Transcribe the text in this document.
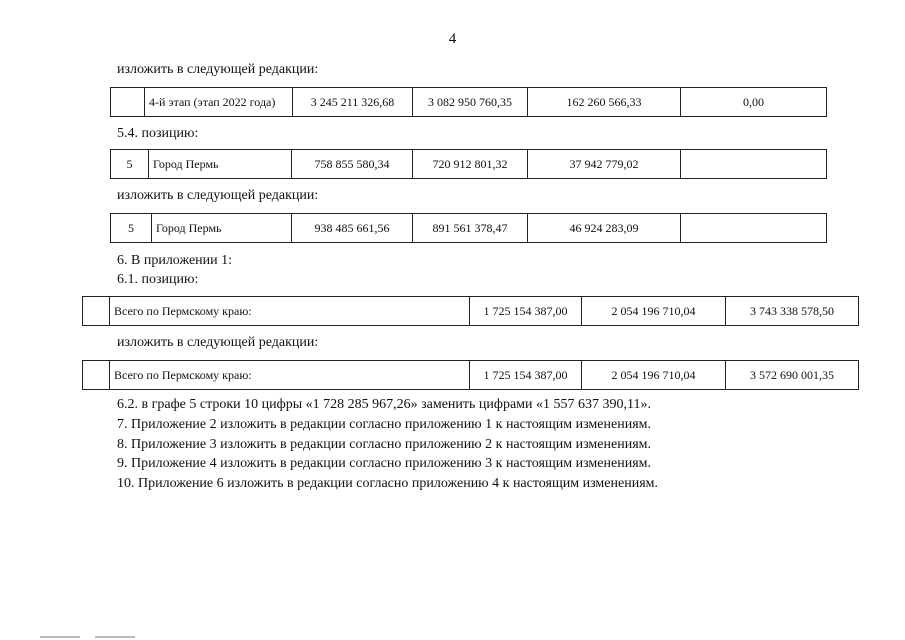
4
изложить в следующей редакции:
	4-й этап (этап 2022 года)	3 245 211 326,68	3 082 950 760,35	162 260 566,33	0,00
5.4. позицию:
5	Город Пермь	758 855 580,34	720 912 801,32	37 942 779,02	
изложить в следующей редакции:
5	Город Пермь	938 485 661,56	891 561 378,47	46 924 283,09	
6. В приложении 1:
6.1. позицию:
	Всего по Пермскому краю:	1 725 154 387,00	2 054 196 710,04	3 743 338 578,50
изложить в следующей редакции:
	Всего по Пермскому краю:	1 725 154 387,00	2 054 196 710,04	3 572 690 001,35
6.2. в графе 5 строки 10 цифры «1 728 285 967,26» заменить цифрами «1 557 637 390,11».
7. Приложение 2 изложить в редакции согласно приложению 1 к настоящим изменениям.
8. Приложение 3 изложить в редакции согласно приложению 2 к настоящим изменениям.
9. Приложение 4 изложить в редакции согласно приложению 3 к настоящим изменениям.
10. Приложение 6 изложить в редакции согласно приложению 4 к настоящим изменениям.
